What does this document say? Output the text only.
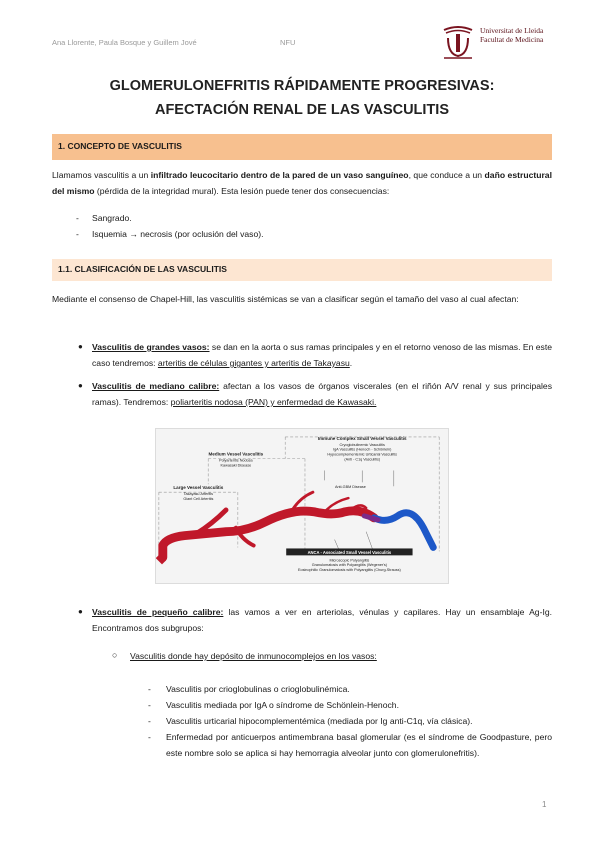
Ana Llorente, Paula Bosque y Guillem Jové	NFU
Universitat de Lleida
Facultat de Medicina
GLOMERULONEFRITIS RÁPIDAMENTE PROGRESIVAS:
AFECTACIÓN RENAL DE LAS VASCULITIS
1. CONCEPTO DE VASCULITIS

Llamamos vasculitis a un infiltrado leucocitario dentro de la pared de un vaso sanguíneo, que conduce a un daño estructural del mismo (pérdida de la integridad mural). Esta lesión puede tener dos consecuencias:

- Sangrado.
- Isquemia → necrosis (por oclusión del vaso).
1.1. CLASIFICACIÓN DE LAS VASCULITIS

Mediante el consenso de Chapel-Hill, las vasculitis sistémicas se van a clasificar según el tamaño del vaso al cual afectan:

● Vasculitis de grandes vasos: se dan en la aorta o sus ramas principales y en el retorno venoso de las mismas. En este caso tendremos: arteritis de células gigantes y arteritis de Takayasu.
● Vasculitis de mediano calibre: afectan a los vasos de órganos viscerales (en el riñón A/V renal y sus principales ramas). Tendremos: poliarteritis nodosa (PAN) y enfermedad de Kawasaki.
Immune Complex Small Vessel Vasculitis
Cryoglobulinemic Vasculitis
IgA Vasculitis (Henoch - Schönlein)
Hypocomplementemic Urticarial Vasculitis
(Anti - C1q Vasculitis)
Medium Vessel Vasculitis
Polyarteritis Nodosa
Kawasaki Disease
Large Vessel Vasculitis
Takayasu Arteritis
Giant Cell Arteritis
Anti-GBM Disease
ANCA - Associated Small Vessel Vasculitis
Microscopic Polyangiitis
Granulomatosis with Polyangiitis (Wegener's)
Eosinophilic Granulomatosis with Polyangiitis (Churg-Strauss)
● Vasculitis de pequeño calibre: las vamos a ver en arteriolas, vénulas y capilares. Hay un ensamblaje Ag-Ig. Encontramos dos subgrupos:
○ Vasculitis donde hay depósito de inmunocomplejos en los vasos:
- Vasculitis por crioglobulinas o crioglobulinémica.
- Vasculitis mediada por IgA o síndrome de Schönlein-Henoch.
- Vasculitis urticarial hipocomplementémica (mediada por Ig anti-C1q, vía clásica).
- Enfermedad por anticuerpos antimembrana basal glomerular (es el síndrome de Goodpasture, pero este nombre solo se aplica si hay hemorragia alveolar junto con glomerulonefritis).
1
